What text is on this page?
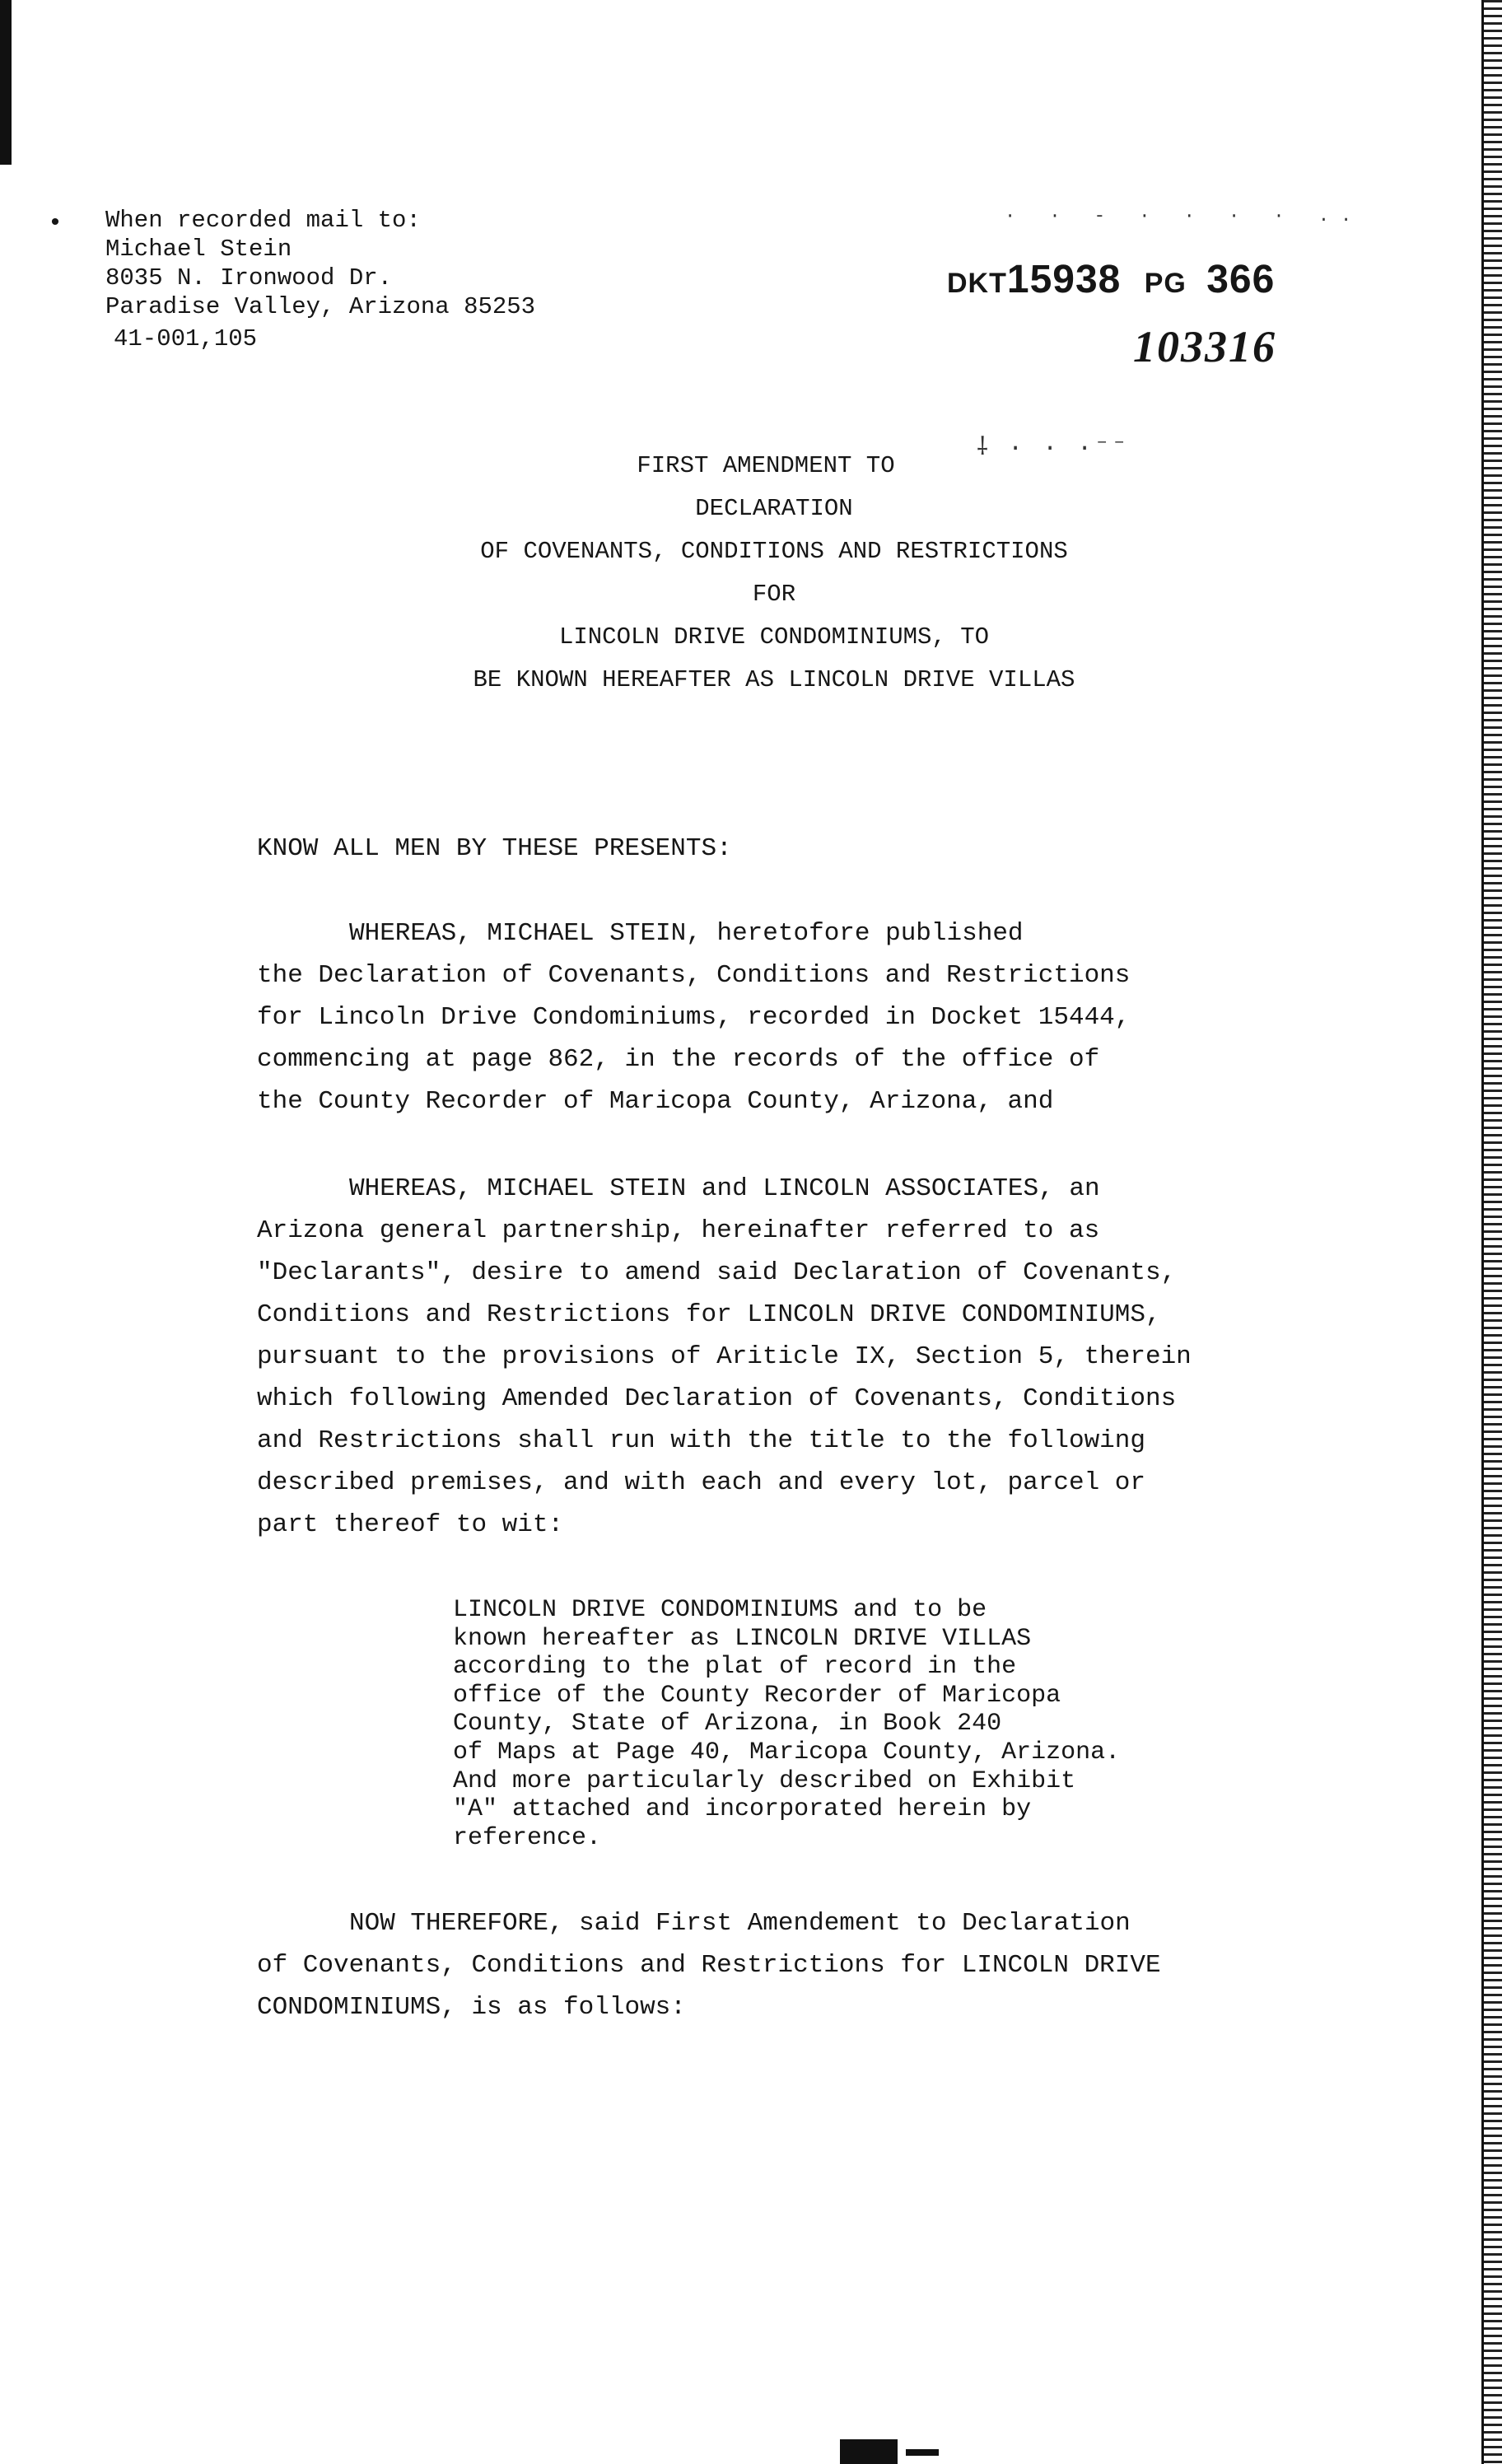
• When recorded mail to:
Michael Stein
8035 N. Ironwood Dr.
Paradise Valley, Arizona 85253
41-001,105
· · - · · · · ..
DKT15938 PG 366
103316
⸸ · · ·⁻⁻
FIRST AMENDMENT TO
DECLARATION
OF COVENANTS, CONDITIONS AND RESTRICTIONS
FOR
LINCOLN DRIVE CONDOMINIUMS, TO
BE KNOWN HEREAFTER AS LINCOLN DRIVE VILLAS
KNOW ALL MEN BY THESE PRESENTS:
WHEREAS, MICHAEL STEIN, heretofore published
the Declaration of Covenants, Conditions and Restrictions
for Lincoln Drive Condominiums, recorded in Docket 15444,
commencing at page 862, in the records of the office of
the County Recorder of Maricopa County, Arizona, and
WHEREAS, MICHAEL STEIN and LINCOLN ASSOCIATES, an
Arizona general partnership, hereinafter referred to as
"Declarants", desire to amend said Declaration of Covenants,
Conditions and Restrictions for LINCOLN DRIVE CONDOMINIUMS,
pursuant to the provisions of Ariticle IX, Section 5, therein
which following Amended Declaration of Covenants, Conditions
and Restrictions shall run with the title to the following
described premises, and with each and every lot, parcel or
part thereof to wit:
LINCOLN DRIVE CONDOMINIUMS and to be
known hereafter as LINCOLN DRIVE VILLAS
according to the plat of record in the
office of the County Recorder of Maricopa
County, State of Arizona, in Book 240
of Maps at Page 40, Maricopa County, Arizona.
And more particularly described on Exhibit
"A" attached and incorporated herein by
reference.
NOW THEREFORE, said First Amendement to Declaration
of Covenants, Conditions and Restrictions for LINCOLN DRIVE
CONDOMINIUMS, is as follows:
